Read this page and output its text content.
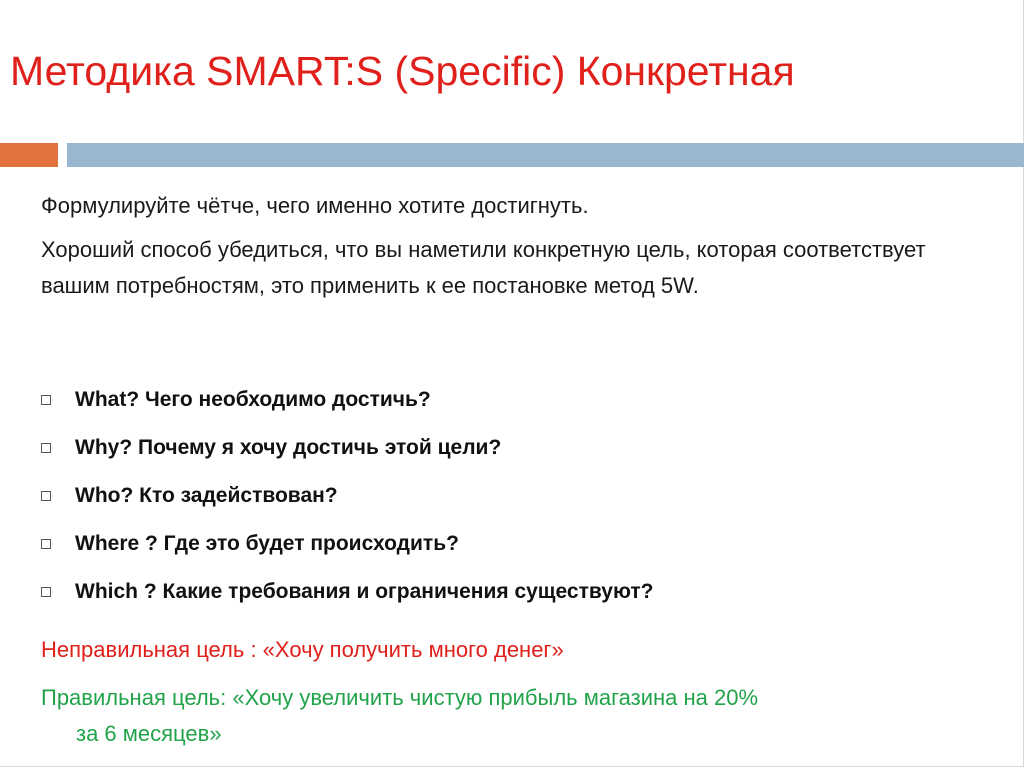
Методика SMART:S (Specific) Конкретная
Формулируйте чётче, чего именно хотите достигнуть.
Хороший способ убедиться, что вы наметили конкретную цель, которая соответствует вашим потребностям, это применить к ее постановке метод 5W.
What? Чего необходимо достичь?
Why? Почему я хочу достичь этой цели?
Who? Кто задействован?
Where ? Где это будет происходить?
Which ? Какие требования и ограничения существуют?
Неправильная цель : «Хочу получить много денег»
Правильная цель: «Хочу увеличить чистую прибыль магазина на 20%
за 6 месяцев»
